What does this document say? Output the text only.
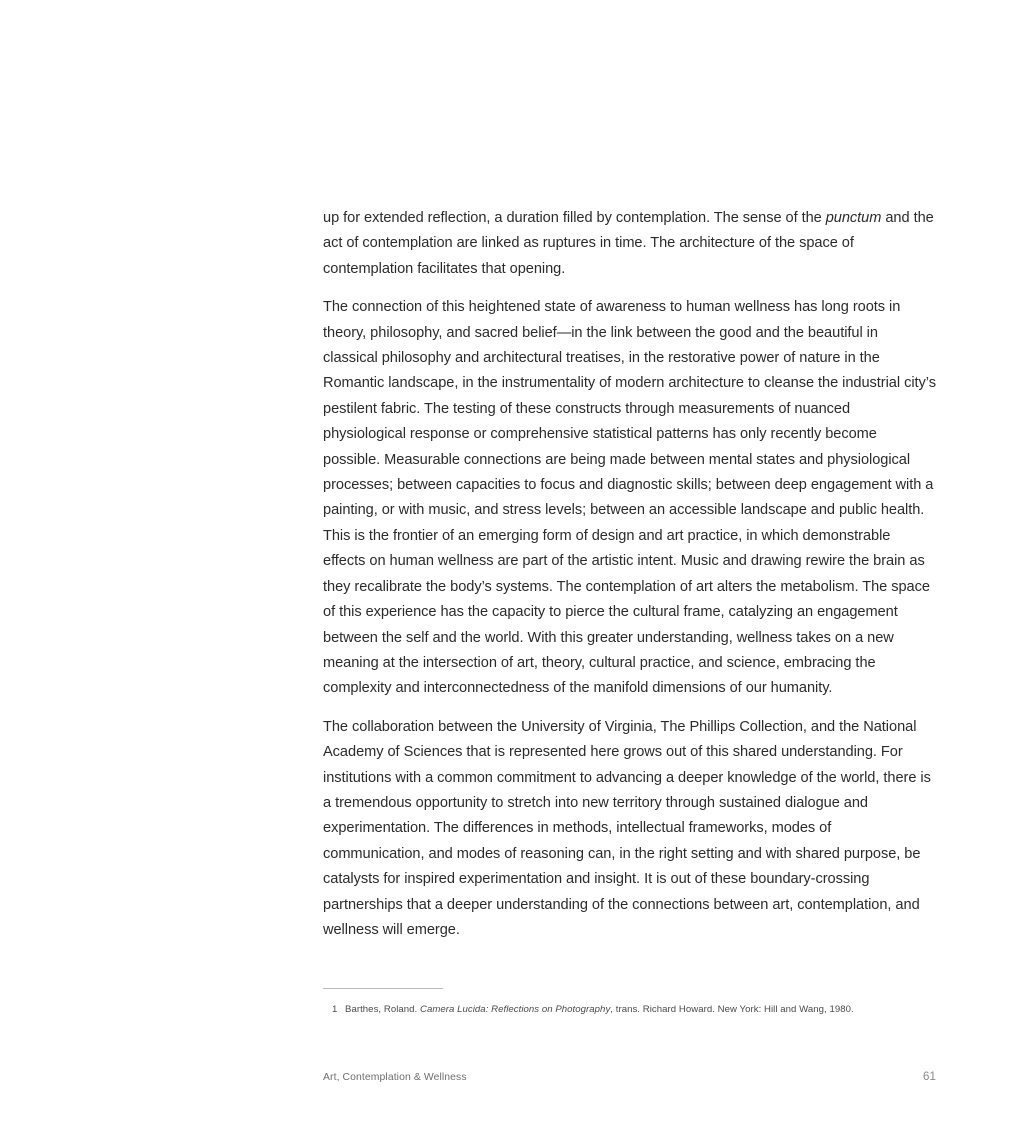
up for extended reflection, a duration filled by contemplation. The sense of the punctum and the act of contemplation are linked as ruptures in time. The architecture of the space of contemplation facilitates that opening.

The connection of this heightened state of awareness to human wellness has long roots in theory, philosophy, and sacred belief—in the link between the good and the beautiful in classical philosophy and architectural treatises, in the restorative power of nature in the Romantic landscape, in the instrumentality of modern architecture to cleanse the industrial city’s pestilent fabric. The testing of these constructs through measurements of nuanced physiological response or comprehensive statistical patterns has only recently become possible. Measurable connections are being made between mental states and physiological processes; between capacities to focus and diagnostic skills; between deep engagement with a painting, or with music, and stress levels; between an accessible landscape and public health. This is the frontier of an emerging form of design and art practice, in which demonstrable effects on human wellness are part of the artistic intent. Music and drawing rewire the brain as they recalibrate the body’s systems. The contemplation of art alters the metabolism. The space of this experience has the capacity to pierce the cultural frame, catalyzing an engagement between the self and the world. With this greater understanding, wellness takes on a new meaning at the intersection of art, theory, cultural practice, and science, embracing the complexity and interconnectedness of the manifold dimensions of our humanity.

The collaboration between the University of Virginia, The Phillips Collection, and the National Academy of Sciences that is represented here grows out of this shared understanding. For institutions with a common commitment to advancing a deeper knowledge of the world, there is a tremendous opportunity to stretch into new territory through sustained dialogue and experimentation. The differences in methods, intellectual frameworks, modes of communication, and modes of reasoning can, in the right setting and with shared purpose, be catalysts for inspired experimentation and insight. It is out of these boundary-crossing partnerships that a deeper understanding of the connections between art, contemplation, and wellness will emerge.

1 Barthes, Roland. Camera Lucida: Reflections on Photography, trans. Richard Howard. New York: Hill and Wang, 1980.
Art, Contemplation & Wellness	61
